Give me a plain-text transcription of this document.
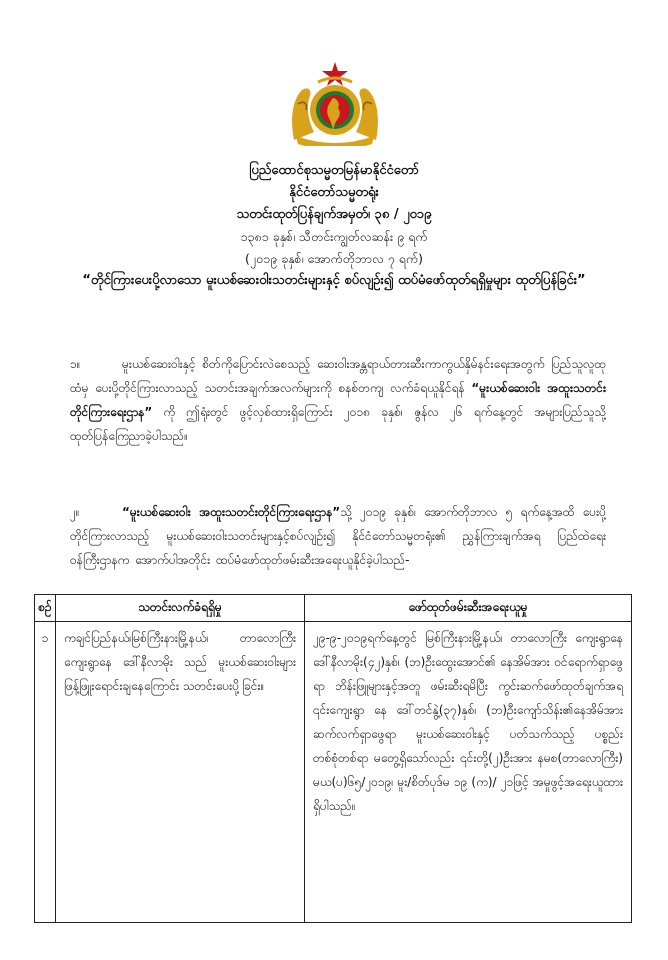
ပြည်ထောင်စုသမ္မတမြန်မာနိုင်ငံတော်
နိုင်ငံတော်သမ္မတရုံး
သတင်းထုတ်ပြန်ချက်အမှတ်၊ ၃၈ / ၂၀၁၉
၁၃၈၁ ခုနှစ်၊ သီတင်းကျွတ်လဆန်း ၉ ရက်
(၂၀၁၉ ခုနှစ်၊ အောက်တိုဘာလ ၇ ရက်)
“တိုင်ကြားပေးပို့လာသော မူးယစ်ဆေးဝါးသတင်းများနှင့် စပ်လျဉ်း၍ ထပ်မံဖော်ထုတ်ရရှိမှုများ ထုတ်ပြန်ခြင်း”
၁။	မူးယစ်ဆေးဝါးနှင့် စိတ်ကိုပြောင်းလဲစေသည့် ဆေးဝါးအန္တရာယ်တားဆီးကာကွယ်နှိမ်နင်းရေးအတွက် ပြည်သူလူထုထံမှ ပေးပို့တိုင်ကြားလာသည့် သတင်းအချက်အလက်များကို စနစ်တကျ လက်ခံရယူနိုင်ရန် “မူးယစ်ဆေးဝါး အထူးသတင်းတိုင်ကြားရေးဌာန” ကို ဤရုံးတွင် ဖွင့်လှစ်ထားရှိကြောင်း ၂၀၁၈ ခုနှစ်၊ ဇွန်လ ၂၆ ရက်နေ့တွင် အများပြည်သူသို့ ထုတ်ပြန်ကြေညာခဲ့ပါသည်။
၂။	“မူးယစ်ဆေးဝါး အထူးသတင်းတိုင်ကြားရေးဌာန”သို့ ၂၀၁၉ ခုနှစ်၊ အောက်တိုဘာလ ၅ ရက်နေ့အထိ ပေးပို့တိုင်ကြားလာသည့် မူးယစ်ဆေးဝါးသတင်းများနှင့်စပ်လျဉ်း၍ နိုင်ငံတော်သမ္မတရုံး၏ ညွှန်ကြားချက်အရ ပြည်ထဲရေးဝန်ကြီးဌာနက အောက်ပါအတိုင်း ထပ်မံဖော်ထုတ်ဖမ်းဆီးအရေးယူနိုင်ခဲ့ပါသည်-
စဉ်	သတင်းလက်ခံရရှိမှု	ဖော်ထုတ်ဖမ်းဆီးအရေးယူမှု
၁	ကချင်ပြည်နယ်၊မြစ်ကြီးနားမြို့နယ်၊ တာလောကြီးကျေးရွာနေ ဒေါ်နီလာမိုး သည် မူးယစ်ဆေးဝါးများ ဖြန့်ဖြူးရောင်းချနေကြောင်း သတင်းပေးပို့ခြင်း။	၂၉-၉-၂၀၁၉ရက်နေ့တွင် မြစ်ကြီးနားမြို့နယ်၊ တာလောကြီး ကျေးရွာနေ ဒေါ်နီလာမိုး(၄၂)နှစ်၊ (ဘ)ဦးထွေးအောင်၏ နေအိမ်အား ဝင်ရောက်ရှာဖွေရာ ဘိန်းဖြူများနှင့်အတူ ဖမ်းဆီးရမိပြီး ကွင်းဆက်ဖော်ထုတ်ချက်အရ ၎င်းကျေးရွာ နေ ဒေါ်တင်နွဲ့(၃၇)နှစ်၊ (ဘ)ဦးကျော်သိန်း၏နေအိမ်အား ဆက်လက်ရှာဖွေရာ မူးယစ်ဆေးဝါးနှင့် ပတ်သက်သည့် ပစ္စည်းတစ်စုံတစ်ရာ မတွေ့ရှိသော်လည်း ၎င်းတို့(၂)ဦးအား နမစ(တာလောကြီး) မယ(ပ)၆၅/၂၀၁၉၊ မူး/စိတ်ပုဒ်မ ၁၉ (က)/ ၂၁ဖြင့် အမှုဖွင့်အရေးယူထားရှိပါသည်။
